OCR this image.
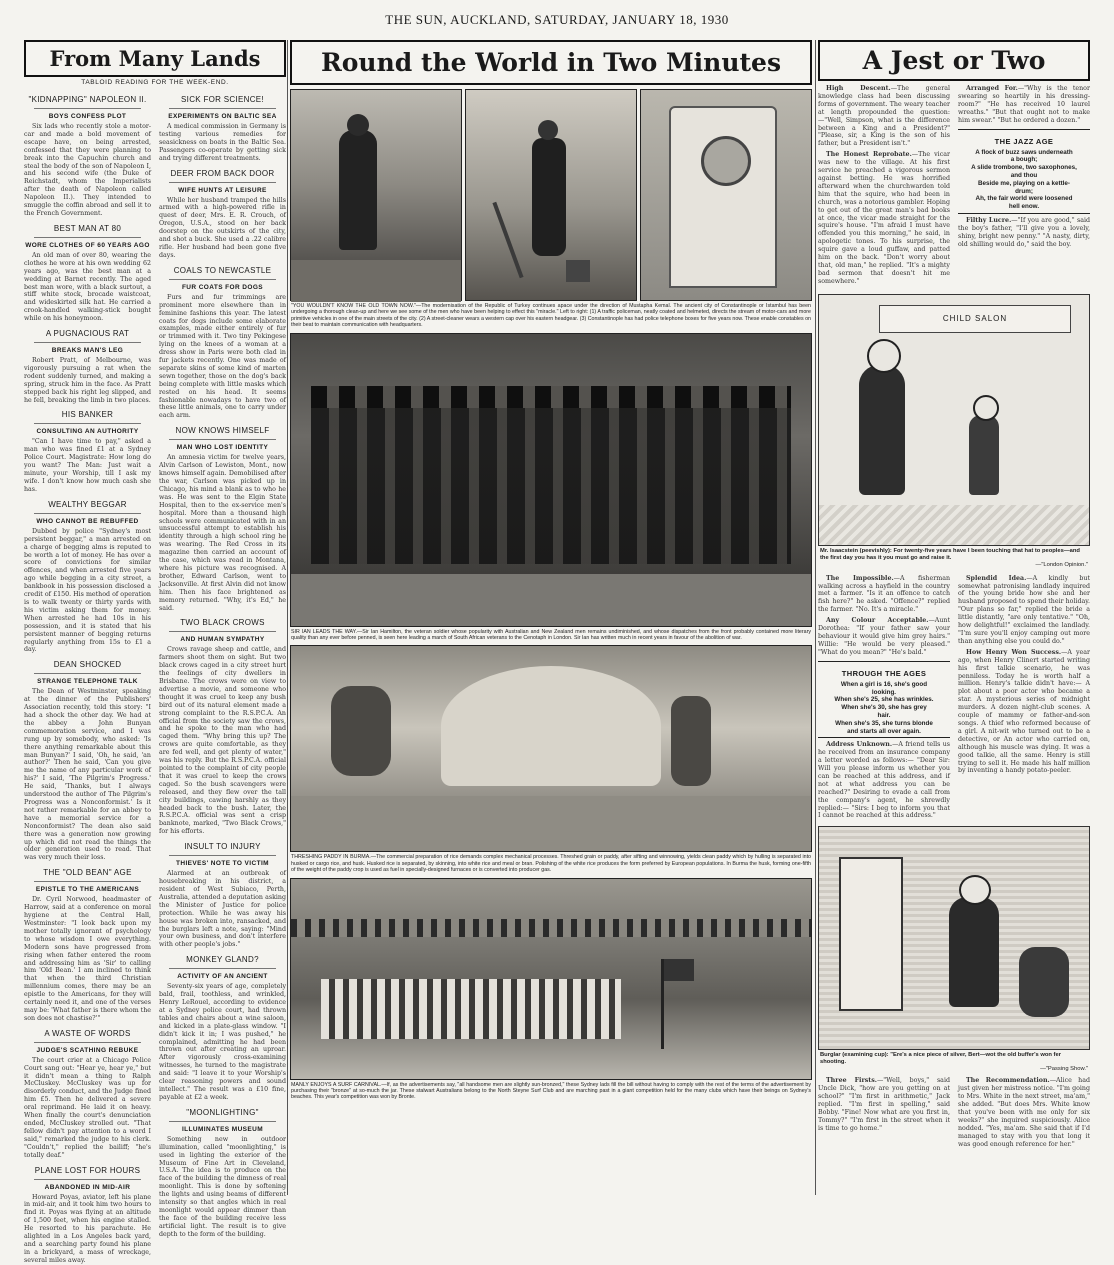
THE SUN, AUCKLAND, SATURDAY, JANUARY 18, 1930
From Many Lands
TABLOID READING FOR THE WEEK-END.
"KIDNAPPING" NAPOLEON II.
BOYS CONFESS PLOT

Six lads who recently stole a motor-car and made a bold movement of escape have, on being arrested, confessed that they were planning to break into the Capuchin church and steal the body of the son of Napoleon I, and his second wife (the Duke of Reichstadt, whom the Imperialists after the death of Napoleon called Napoleon II.). They intended to smuggle the coffin abroad and sell it to the French Government.

BEST MAN AT 80
WORE CLOTHES OF 60 YEARS AGO

An old man of over 80, wearing the clothes he wore at his own wedding 62 years ago, was the best man at a wedding at Barnet recently. The aged best man wore, with a black surtout, a stiff white stock, brocade waistcoat, and wideskirted silk hat. He carried a crook-handled walking-stick bought while on his honeymoon.

A PUGNACIOUS RAT
BREAKS MAN'S LEG

Robert Pratt, of Melbourne, was vigorously pursuing a rat when the rodent suddenly turned, and making a spring, struck him in the face. As Pratt stepped back his right leg slipped, and he fell, breaking the limb in two places.

HIS BANKER
CONSULTING AN AUTHORITY

"Can I have time to pay," asked a man who was fined £1 at a Sydney Police Court. Magistrate: How long do you want? The Man: Just wait a minute, your Worship, till I ask my wife. I don't know how much cash she has.

WEALTHY BEGGAR
WHO CANNOT BE REBUFFED

Dubbed by police "Sydney's most persistent beggar," a man arrested on a charge of begging alms is reputed to be worth a lot of money. He has over a score of convictions for similar offences, and when arrested five years ago while begging in a city street, a bankbook in his possession disclosed a credit of £150. His method of operation is to walk twenty or thirty yards with his victim asking them for money. When arrested he had 10s in his possession, and it is stated that his persistent manner of begging returns regularly anything from 15s to £1 a day.

DEAN SHOCKED
STRANGE TELEPHONE TALK

The Dean of Westminster, speaking at the dinner of the Publishers' Association recently, told this story: "I had a shock the other day. We had at the abbey a John Bunyan commemoration service, and I was rung up by somebody, who asked: 'Is there anything remarkable about this man Bunyan?' I said, 'Oh, he said, 'an author?' Then he said, 'Can you give me the name of any particular work of his?' I said, 'The Pilgrim's Progress.' He said, 'Thanks, but I always understood the author of The Pilgrim's Progress was a Nonconformist.' Is it not rather remarkable for an abbey to have a memorial service for a Nonconformist? The dean also said there was a generation now growing up which did not read the things the older generation used to read. That was very much their loss.

THE "OLD BEAN" AGE
EPISTLE TO THE AMERICANS

Dr. Cyril Norwood, headmaster of Harrow, said at a conference on moral hygiene at the Central Hall, Westminster: "I look back upon my mother totally ignorant of psychology to whose wisdom I owe everything. Modern sons have progressed from rising when father entered the room and addressing him as 'Sir' to calling him 'Old Bean.' I am inclined to think that when the third Christian millennium comes, there may be an epistle to the Americans, for they will certainly need it, and one of the verses may be: 'What father is there whom the son does not chastise?'"

A WASTE OF WORDS
JUDGE'S SCATHING REBUKE

The court crier at a Chicago Police Court sang out: "Hear ye, hear ye," but it didn't mean a thing to Ralph McCluskey. McCluskey was up for disorderly conduct, and the Judge fined him £5. Then he delivered a severe oral reprimand. He laid it on heavy. When finally the court's denunciation ended, McCluskey strolled out. "That fellow didn't pay attention to a word I said," remarked the judge to his clerk. "Couldn't," replied the bailiff; "he's totally deaf."

PLANE LOST FOR HOURS
ABANDONED IN MID-AIR

Howard Poyas, aviator, left his plane in mid-air, and it took him two hours to find it. Poyas was flying at an altitude of 1,500 feet, when his engine stalled. He resorted to his parachute. He alighted in a Los Angeles back yard, and a searching party found his plane in a brickyard, a mass of wreckage, several miles away.

SICK FOR SCIENCE!
EXPERIMENTS ON BALTIC SEA

A medical commission in Germany is testing various remedies for seasickness on boats in the Baltic Sea. Passengers co-operate by getting sick and trying different treatments.

DEER FROM BACK DOOR
WIFE HUNTS AT LEISURE

While her husband tramped the hills armed with a high-powered rifle in quest of deer, Mrs. E. R. Crouch, of Oregon, U.S.A., stood on her back doorstep on the outskirts of the city, and shot a buck. She used a .22 calibre rifle. Her husband had been gone five days.

COALS TO NEWCASTLE
FUR COATS FOR DOGS

Furs and fur trimmings are prominent more elsewhere than in feminine fashions this year. The latest coats for dogs include some elaborate examples, made either entirely of fur or trimmed with it. Two tiny Pekingese lying on the knees of a woman at a dress show in Paris were both clad in fur jackets recently. One was made of separate skins of some kind of marten sewn together, those on the dog's back being complete with little masks which rested on his head. It seems fashionable nowadays to have two of these little animals, one to carry under each arm.

NOW KNOWS HIMSELF
MAN WHO LOST IDENTITY

An amnesia victim for twelve years, Alvin Carlson of Lewiston, Mont., now knows himself again. Demobilised after the war, Carlson was picked up in Chicago, his mind a blank as to who he was. He was sent to the Elgin State Hospital, then to the ex-service men's hospital. More than a thousand high schools were communicated with in an unsuccessful attempt to establish his identity through a high school ring he was wearing. The Red Cross in its magazine then carried an account of the case, which was read in Montana, where his picture was recognised. A brother, Edward Carlson, went to Jacksonville. At first Alvin did not know him. Then his face brightened as memory returned. "Why, it's Ed," he said.

TWO BLACK CROWS
AND HUMAN SYMPATHY

Crows ravage sheep and cattle, and farmers shoot them on sight. But two black crows caged in a city street hurt the feelings of city dwellers in Brisbane. The crows were on view to advertise a movie, and someone who thought it was cruel to keep any bush bird out of its natural element made a strong complaint to the R.S.P.C.A. An official from the society saw the crows, and he spoke to the man who had caged them. "Why bring this up? The crows are quite comfortable, as they are fed well, and get plenty of water," was his reply. But the R.S.P.C.A. official pointed to the complaint of city people that it was cruel to keep the crows caged. So the bush scavengers were released, and they flew over the tall city buildings, cawing harshly as they headed back to the bush. Later, the R.S.P.C.A. official was sent a crisp banknote, marked, "Two Black Crows," for his efforts.

INSULT TO INJURY
THIEVES' NOTE TO VICTIM

Alarmed at an outbreak of housebreaking in his district, a resident of West Subiaco, Perth, Australia, attended a deputation asking the Minister of Justice for police protection. While he was away his house was broken into, ransacked, and the burglars left a note, saying: "Mind your own business, and don't interfere with other people's jobs."

MONKEY GLAND?
ACTIVITY OF AN ANCIENT

Seventy-six years of age, completely bald, frail, toothless, and wrinkled, Henry LeRouel, according to evidence at a Sydney police court, had thrown tables and chairs about a wine saloon, and kicked in a plate-glass window. "I didn't kick it in; I was pushed," he complained, admitting he had been thrown out after creating an uproar. After vigorously cross-examining witnesses, he turned to the magistrate and said: "I leave it to your Worship's clear reasoning powers and sound intellect." The result was a £10 fine, payable at £2 a week.

"MOONLIGHTING"
ILLUMINATES MUSEUM

Something new in outdoor illumination, called "moonlighting," is used in lighting the exterior of the Museum of Fine Art in Cleveland, U.S.A. The idea is to produce on the face of the building the dimness of real moonlight. This is done by softening the lights and using beams of different intensity so that angles which in real moonlight would appear dimmer than the face of the building receive less artificial light. The result is to give depth to the form of the building.

Round the World in Two Minutes
"YOU WOULDN'T KNOW THE OLD TOWN NOW."—The modernisation of the Republic of Turkey continues apace under the direction of Mustapha Kemal. The ancient city of Constantinople or Istambul has been undergoing a thorough clean-up and here we see some of the men who have been helping to effect this "miracle." Left to right: (1) A traffic policeman, neatly coated and helmeted, directs the stream of motor-cars and more primitive vehicles in one of the main streets of the city. (2) A street-cleaner wears a western cap over his eastern headgear. (3) Constantinople has had police telephone boxes for five years now. These enable constables on their beat to maintain communication with headquarters.
SIR IAN LEADS THE WAY.—Sir Ian Hamilton, the veteran soldier whose popularity with Australian and New Zealand men remains undiminished, and whose dispatches from the front probably contained more literary quality than any ever before penned, is seen here leading a march of South African veterans to the Cenotaph in London. Sir Ian has written much in recent years in favour of the abolition of war.
THRESHING PADDY IN BURMA.—The commercial preparation of rice demands complex mechanical processes. Threshed grain or paddy, after sifting and winnowing, yields clean paddy which by hulling is separated into husked or cargo rice, and husk. Husked rice is separated, by skinning, into white rice and meal or bran. Polishing of the white rice produces the form preferred by European populations. In Burma the husk, forming one-fifth of the weight of the paddy crop is used as fuel in specially-designed furnaces or is converted into producer gas.
MANLY ENJOYS A SURF CARNIVAL.—If, as the advertisements say, "all handsome men are slightly sun-bronzed," these Sydney lads fill the bill without having to comply with the rest of the terms of the advertisement by purchasing their "bronze" at so-much the jar. These stalwart Australians belong to the North Steyne Surf Club and are marching past in a giant competition held for the many clubs which have their beings on Sydney's beaches. This year's competition was won by Bronte.
A Jest or Two

High Descent.—The general knowledge class had been discussing forms of government. The weary teacher at length propounded the question:—"Well, Simpson, what is the difference between a King and a President?" "Please, sir, a King is the son of his father, but a President isn't."

The Honest Reprobate.—The vicar was new to the village. At his first service he preached a vigorous sermon against betting. He was horrified afterward when the churchwarden told him that the squire, who had been in church, was a notorious gambler. Hoping to get out of the great man's bad books at once, the vicar made straight for the squire's house. "I'm afraid I must have offended you this morning," he said, in apologetic tones. To his surprise, the squire gave a loud guffaw, and patted him on the back. "Don't worry about that, old man," he replied. "It's a mighty bad sermon that doesn't hit me somewhere."

Arranged For.—"Why is the tenor swearing so heartily in his dressing-room?" "He has received 10 laurel wreaths." "But that ought not to make him swear." "But he ordered a dozen."

THE JAZZ AGE
A flock of buzz saws underneath
a bough;
A slide trombone, two saxophones,
and thou
Beside me, playing on a kettle-
drum;
Ah, the fair world were loosened
hell enow.

Filthy Lucre.—"If you are good," said the boy's father, "I'll give you a lovely, shiny, bright new penny." "A nasty, dirty, old shilling would do," said the boy.

CHILD SALON
Mr. Isaacstein (peevishly): For twenty-five years have I been touching that hat to peoples—and the first day you has it you must go and raise it.
—"London Opinion."

The Impossible.—A fisherman walking across a hayfield in the country met a farmer. "Is it an offence to catch fish here?" he asked. "Offence?" replied the farmer. "No. It's a miracle."

Any Colour Acceptable.—Aunt Dorothea: "If your father saw your behaviour it would give him grey hairs." Willie: "He would be very pleased." "What do you mean?" "He's bald."

THROUGH THE AGES
When a girl is 16, she's good
looking.
When she's 25, she has wrinkles.
When she's 30, she has grey
hair.
When she's 35, she turns blonde
and starts all over again.

Address Unknown.—A friend tells us he received from an insurance company a letter worded as follows:— "Dear Sir: Will you please inform us whether you can be reached at this address, and if not at what address you can be reached?" Desiring to evade a call from the company's agent, he shrewdly replied:— "Sirs: I beg to inform you that I cannot be reached at this address."

Splendid Idea.—A kindly but somewhat patronising landlady inquired of the young bride how she and her husband proposed to spend their holiday. "Our plans so far," replied the bride a little distantly, "are only tentative." "Oh, how delightful!" exclaimed the landlady. "I'm sure you'll enjoy camping out more than anything else you could do."

How Henry Won Success.—A year ago, when Henry Clinert started writing his first talkie scenario, he was penniless. Today he is worth half a million. Henry's talkie didn't have:— A plot about a poor actor who became a star. A mysterious series of midnight murders. A dozen night-club scenes. A couple of mammy or father-and-son songs. A thief who reformed because of a girl. A nit-wit who turned out to be a detective, or An actor who carried on, although his muscle was dying. It was a good talkie, all the same. Henry is still trying to sell it. He made his half million by inventing a handy potato-peeler.

Burglar (examining cup): "Ere's a nice piece of silver, Bert—wot the old buffer's won fer shooting.
—"Passing Show."

Three Firsts.—"Well, boys," said Uncle Dick, "how are you getting on at school?" "I'm first in arithmetic," Jack replied. "I'm first in spelling," said Bobby. "Fine! Now what are you first in, Tommy?" "I'm first in the street when it is time to go home."

The Recommendation.—Alice had just given her mistress notice. "I'm going to Mrs. White in the next street, ma'am," she added. "But does Mrs. White know that you've been with me only for six weeks?" she inquired suspiciously. Alice nodded. "Yes, ma'am. She said that if I'd managed to stay with you that long it was good enough reference for her."
